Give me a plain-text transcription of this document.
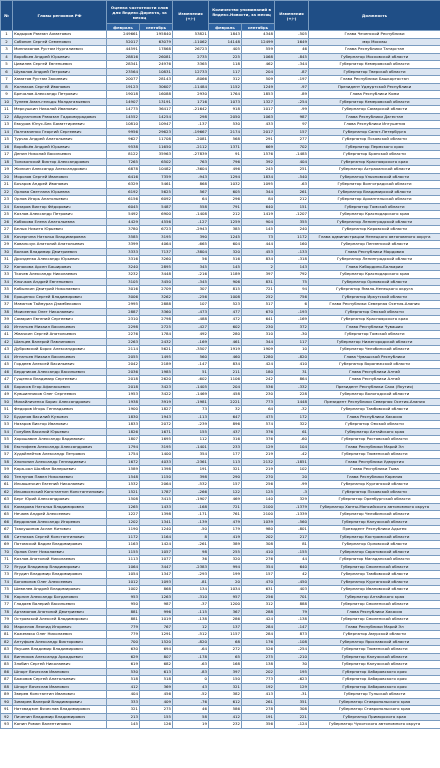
№	Главы регионов РФ	Оценка частотности слов для Яндекс.Директа, за месяц		Изменения (+/-)	Количество упоминаний в Яндекс.Новости, за месяц		Изменения (+/-)	Должность
		февраль	сентябрь		февраль	сентябрь		
1	Кадыров Рамзан Ахматович	249661	195840	53821	1843	4348	-505	Глава Чеченской Республики
2	Собянин Сергей Семенович	52017	63079	-11062	14148	12499	1649	мэр Москвы
3	Минниханов Рустам Нургалиевич	44591	17868	26723	405	559	46	Глава Республики Татарстан
4	Воробьев Андрей Юрьевич	28816	26081	2735	225	1068	-845	Губернатор Московской области
5	Цивилев Сергей Евгеньевич	28341	24976	3365	118	462	-344	Губернатор Кемеровской области
6	Шувалов Андрей Петрович	23564	10831	12733	117	204	-87	Губернатор Тверской области
7	Хаматов Рустам Закиевич	20077	28143	-8066	312	509	-197	Глава Республики Башкортостан
8	Колпаков Сергей Иванович	19123	30607	-11484	1152	1249	-97	Президент Удмуртской Республики
9	Бречалов Александр Петрович	19018	16088	2930	1764	1853	-89	Глава Республики Коми
10	Тулеев Аман-гельды Молдагазыевич	14907	13191	1716	1073	1327	-254	Губернатор Кемеровской области
11	Меркушкин Николай Иванович	14775	36417	-21642	918	1017	-99	Губернатор Самарской области
12	Абдулатипов Рамазан Гаджимурадович	14552	14254	298	2050	1063	987	Глава Республики Дагестан
13	Евкуров Юнус-Бек Баматгиреевич	10810	10947	-137	530	433	97	Глава Республики Ингушетия
14	Полтавченко Георгий Сергеевич	9956	29623	-19667	2174	2017	157	Губернатор Санкт-Петербурга
15	Турчак Андрей Анатольевич	9627	11708	-2081	568	291	277	Губернатор Псковской области
16	Воробьёв Андрей Юрьевич	9538	11650	-2112	1371	669	702	Губернатор Пермского края
17	Денин Николай Васильевич	8122	35963	-27839	91	1576	-1485	Губернатор Брянской области
18	Толоконский Виктор Александрович	7265	6502	763	796	392	404	Губернатор Красноярского края
19	Жилкин Александр Александрович	6878	10482	-3604	496	245	251	Губернатор Астраханской области
20	Морозов Сергей Иванович	6416	7359	-943	1294	1834	-540	Губернатор Ульяновской области
21	Бочаров Андрей Иванович	6329	5461	868	1032	1095	-63	Губернатор Волгоградской области
22	Орлова Светлана Юрьевна	6192	5625	567	605	344	261	Губернатор Владимирской области
23	Орлов Игорь Анатольевич	6156	6092	64	296	84	212	Губернатор Архангельской области
24	Базаров Виктор Фёдорович	6045	5487	558	791	640	151	Губернатор Томской области
25	Козлов Александр Петрович	5492	6900	-1408	212	1419	-1207	Губернатор Краснодарского края
26	Кобякова Елена Анатольевна	4429	4556	-127	1259	904	355	Губернатор Ленинградской области
27	Белых Никита Юрьевич	3780	6723	-2943	385	145	240	Губернатор Кировской области
28	Кочергина Наталья Владимировна	3585	3195	390	1245	73	1172	Глава администрации Ненецкого автономного округа
29	Ковальчук Анатолий Анатольевич	3399	4064	-665	604	444	160	Губернатор Пензенской области
30	Волков Владимир Дмитриевич	3333	7137	-3804	320	453	-133	Глава Республики Мордовия
31	Дрозденко Александр Юрьевич	3316	3260	56	516	834	-318	Губернатор Ленинградской области
32	Канокова Арсен Баширович	3240	2895	345	145	2	143	Глава Кабардино-Балкарии
33	Ткачев Александр Николаевич	3232	3448	-216	1189	397	792	Губернатор Краснодарского края
34	Клычков Андрей Евгеньевич	3105	3450	-345	906	831	75	Губернатор Орловской области
35	Кобылкин Дмитрий Николаевич	3016	2709	307	815	721	94	Губернатор Ямало-Ненецкого округа
36	Ерощенко Сергей Владимирович	3006	3262	-256	1008	252	756	Губернатор Иркутской области
37	Маматов Таймураз Дзамбекович	2995	2888	107	523	517	6	Глава Республики Северная Осетия-Алания
38	Моисеенко Олег Николаевич	2887	3360	-473	477	670	-193	Губернатор Омской области
39	Самарин Евгений Сергеевич	2310	2798	-488	472	641	-169	Губернатор Красноярского края
40	Игнатьев Михаил Васильевич	2298	2725	-427	602	230	372	Глава Республики Чувашия
41	Жвачкин Сергей Анатольевич	2276	1784	492	280	310	-30	Губернатор Томской области
42	Шанцев Валерий Павлинович	2263	2432	-169	461	344	117	Губернатор Нижегородской области
43	Дубровский Борис Александрович	2114	5621	-3507	1919	1909	10	Губернатор Челябинской области
44	Игнатьев Михаил Васильевич	2055	1495	560	460	1280	-820	Глава Чувашской Республики
45	Гордеев Алексей Васильевич	2042	2189	-147	834	424	410	Губернатор Воронежской области
46	Бердников Александр Васильевич	2036	1985	51	211	180	31	Глава Республики Алтай
47	Гущенко Владимир Сергеевич	2018	2620	-602	1106	242	864	Глава Республики Алтай
48	Борисов Егор Афанасьевич	2018	3423	-1405	204	536	-332	Президент Республики Саха (Якутия)
49	Кувшинников Олег Сергеевич	1953	3422	-1469	458	230	228	Губернатор Вологодской области
50	Михайличенко Борис Александрович	1938	3919	-1981	2221	773	1448	Президент Республики Северная Осетия-Алания
51	Федоров Игорь Геннадьевич	1900	1827	73	32	64	-32	Губернатор Тамбовской области
52	Буданов Василий Кузьмич	1830	1943	-113	647	475	172	Глава Республики Хакасия
53	Назаров Виктор Иванович	1833	2072	-239	896	574	322	Губернатор Омской области
54	Голубев Василий Юрьевич	1826	1671	155	437	376	61	Губернатор Алтайского края
55	Хорошавин Александр Вадимович	1807	1695	112	316	376	-60	Губернатор Ростовской области
56	Евстифеев Александр Александрович	1794	3195	-1401	233	129	104	Глава Республики Марий Эл
57	Худайнейтов Александр Петрович	1754	1400	354	177	219	-42	Губернатор Тюменской области
58	Хлопонин Александр Геннадиевич	1672	4033	-2361	113	2132	-1851	Глава Республики Удмуртия
59	Кара-оол Шолбан Валерьевич	1589	1398	191	321	219	102	Глава Республики Тыва
60	Тенлунов Павел Николаевич	1548	1150	398	290	270	20	Глава Республики Карелия
61	Ильюшечкин Евгений Николаевич	1532	2064	-532	157	256	-99	Губернатор Курганской области
62	Ильхвоснский Константин Константинович	1521	1787	-266	122	125	-3	Губернатор Псковской области
63	Берг Юрий Александрович	1508	3415	-1907	469	140	329	Губернатор Оренбургской области
64	Комарова Наталья Владимировна	1265	1433	-168	721	2100	-1379	Губернатор Ханты-Мансийского автономного округа
65	Нечаев Андрей Алексеевич	1227	1398	-171	761	2100	-1339	Губернатор Челябинской области
66	Вердиялов Александр Игоревич	1202	1341	-139	479	1039	-560	Губернатор Калужской области
67	Тхакушинов Аслан Китович	1190	1240	-50	179	980	-801	Президент Республики Адыгея
68	Ситников Сергей Константинович	1172	1164	8	419	202	217	Губернатор Костромской области
69	Потомский Вадим Владимирович	1163	1424	-261	389	308	81	Губернатор Орловской области
70	Орлов Олег Николаевич	1155	1057	98	255	410	-155	Губернатор Саратовской области
71	Козлов Анатолий Николаевич	1113	1077	36	320	276	44	Губернатор Магаданской области
72	Ягуди Владимир Владимирович	1064	3447	-2383	994	354	640	Губернатор Смоленской области
73	Ягудин Владимир Владимирович	1054	1347	-293	199	157	42	Губернатор Тамбовской области
74	Богомолов Олег Алексеевич	1012	1093	-81	20	470	-450	Губернатор Курганской области
75	Шевелев Андрей Владимирович	1002	868	134	1034	631	403	Губернатор Ивановской области
76	Карлин Александр Богданович	953	1263	-310	957	256	701	Губернатор Алтайского края
77	Гладаев Валерий Васильевич	950	987	-37	1200	312	888	Губернатор Смоленской области
78	Артамонов Анатолий Дмитриевич	881	996	-115	367	288	79	Глава Республики Хакасия
79	Островский Алексей Владимирович	881	1019	-138	286	424	-138	Губернатор Смоленской области
80	Маркелов Леонид Игоревич	779	767	12	137	284	-147	Глава Республики Марий Эл
81	Кожемяко Олег Николаевич	779	1291	-512	1157	284	873	Губернатор Амурской области
82	Антуфьев Александр Викторович	700	1520	-820	68	176	-108	Губернатор Ярославской области
83	Якушев Владимир Владимирович	630	694	-64	272	526	-254	Губернатор Тюменской области
84	Винников Александр Аркадьевич	629	807	-178	65	275	-210	Губернатор Калужской области
85	Злобин Сергей Николаевич	619	682	-63	168	138	30	Губернатор Калужской области
86	Шпорт Вячеслав Иванович	530	613	-83	397	202	195	Губернатор Хабаровского края
87	Бажовов Сергей Анатольевич	518	518	0	150	773	-623	Губернатор Хабаровского края
88	Шпорт Вячеслав Иванович	412	369	43	321	192	129	Губернатор Хабаровского края
89	Зверев Константин Иванович	404	456	-52	382	413	-31	Губернатор Тульской области
90	Зимарев Валерий Владимирович	333	409	-76	612	261	351	Губернатор Ставропольского края
91	Натхвадзин Вячеслав Владимирович	321	275	46	586	278	308	Губернатор Ставропольского края
92	Пиченин Владимир Владимирович	213	155	58	412	191	221	Губернатор Приморского края
93	Копин Роман Валентинович	145	126	19	232	356	-124	Губернатор Чукотского автономного округа
